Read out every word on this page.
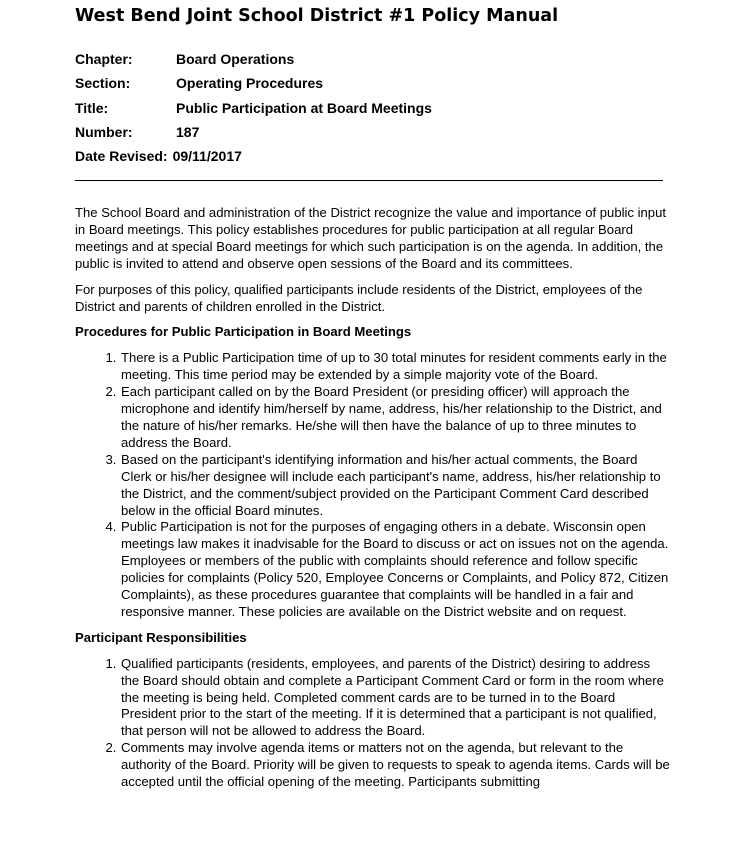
West Bend Joint School District #1 Policy Manual
Chapter:	Board Operations
Section:	Operating Procedures
Title:	Public Participation at Board Meetings
Number:	187
Date Revised: 09/11/2017

The School Board and administration of the District recognize the value and importance of public input in Board meetings. This policy establishes procedures for public participation at all regular Board meetings and at special Board meetings for which such participation is on the agenda. In addition, the public is invited to attend and observe open sessions of the Board and its committees.

For purposes of this policy, qualified participants include residents of the District, employees of the District and parents of children enrolled in the District.

Procedures for Public Participation in Board Meetings
1. There is a Public Participation time of up to 30 total minutes for resident comments early in the meeting. This time period may be extended by a simple majority vote of the Board.
2. Each participant called on by the Board President (or presiding officer) will approach the microphone and identify him/herself by name, address, his/her relationship to the District, and the nature of his/her remarks. He/she will then have the balance of up to three minutes to address the Board.
3. Based on the participant's identifying information and his/her actual comments, the Board Clerk or his/her designee will include each participant's name, address, his/her relationship to the District, and the comment/subject provided on the Participant Comment Card described below in the official Board minutes.
4. Public Participation is not for the purposes of engaging others in a debate. Wisconsin open meetings law makes it inadvisable for the Board to discuss or act on issues not on the agenda. Employees or members of the public with complaints should reference and follow specific policies for complaints (Policy 520, Employee Concerns or Complaints, and Policy 872, Citizen Complaints), as these procedures guarantee that complaints will be handled in a fair and responsive manner. These policies are available on the District website and on request.
Participant Responsibilities
1. Qualified participants (residents, employees, and parents of the District) desiring to address the Board should obtain and complete a Participant Comment Card or form in the room where the meeting is being held. Completed comment cards are to be turned in to the Board President prior to the start of the meeting. If it is determined that a participant is not qualified, that person will not be allowed to address the Board.
2. Comments may involve agenda items or matters not on the agenda, but relevant to the authority of the Board. Priority will be given to requests to speak to agenda items. Cards will be accepted until the official opening of the meeting. Participants submitting
